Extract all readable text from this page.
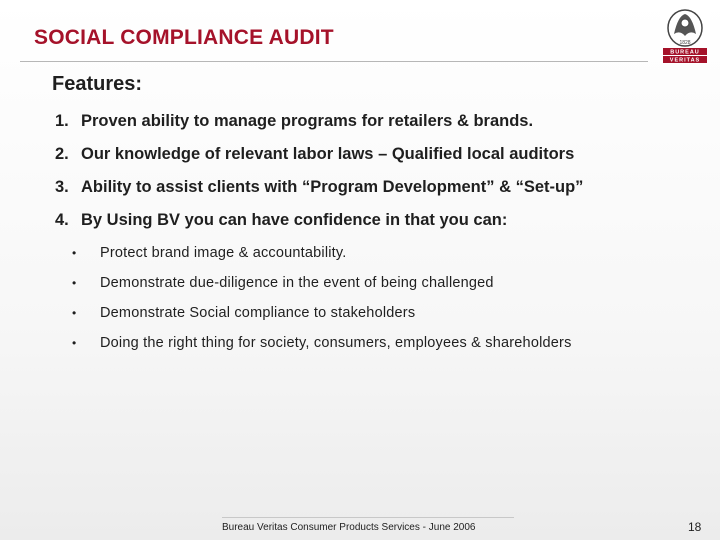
SOCIAL COMPLIANCE AUDIT	1828
BUREAU
VERITAS
Features:
1. Proven ability to manage programs for retailers & brands.
2. Our knowledge of relevant labor laws – Qualified local auditors
3. Ability to assist clients with “Program Development” & “Set-up”
4. By Using BV you can have confidence in that you can:
• Protect brand image & accountability.
• Demonstrate due-diligence in the event of being challenged
• Demonstrate Social compliance to stakeholders
• Doing the right thing for society, consumers, employees & shareholders
Bureau Veritas Consumer Products Services - June 2006	18
